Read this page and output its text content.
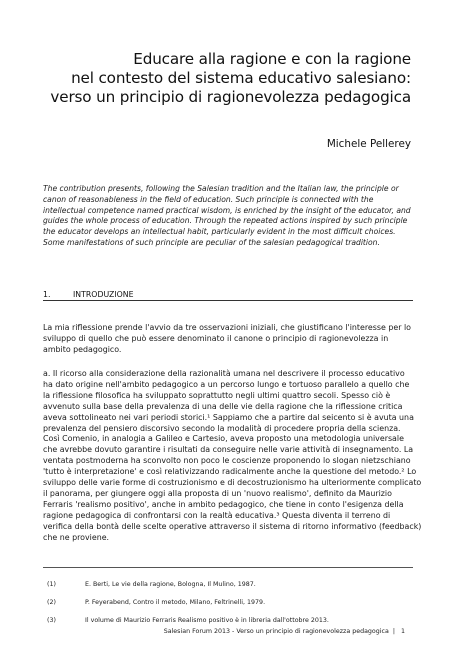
Educare alla ragione e con la ragione
nel contesto del sistema educativo salesiano:
verso un principio di ragionevolezza pedagogica
Michele Pellerey
The contribution presents, following the Salesian tradition and the Italian law, the principle or
canon of reasonableness in the field of education. Such principle is connected with the
intellectual competence named practical wisdom, is enriched by the insight of the educator, and
guides the whole process of education. Through the repeated actions inspired by such principle
the educator develops an intellectual habit, particularly evident in the most difficult choices.
Some manifestations of such principle are peculiar of the salesian pedagogical tradition.
1.	INTRODUZIONE
La mia riflessione prende l'avvio da tre osservazioni iniziali, che giustificano l'interesse per lo
sviluppo di quello che può essere denominato il canone o principio di ragionevolezza in
ambito pedagogico.
a. Il ricorso alla considerazione della razionalità umana nel descrivere il processo educativo
ha dato origine nell'ambito pedagogico a un percorso lungo e tortuoso parallelo a quello che
la riflessione filosofica ha sviluppato soprattutto negli ultimi quattro secoli. Spesso ciò è
avvenuto sulla base della prevalenza di una delle vie della ragione che la riflessione critica
aveva sottolineato nei vari periodi storici.¹ Sappiamo che a partire dal seicento si è avuta una
prevalenza del pensiero discorsivo secondo la modalità di procedere propria della scienza.
Così Comenio, in analogia a Galileo e Cartesio, aveva proposto una metodologia universale
che avrebbe dovuto garantire i risultati da conseguire nelle varie attività di insegnamento. La
ventata postmoderna ha sconvolto non poco le coscienze proponendo lo slogan nietzschiano
'tutto è interpretazione' e così relativizzando radicalmente anche la questione del metodo.² Lo
sviluppo delle varie forme di costruzionismo e di decostruzionismo ha ulteriormente complicato
il panorama, per giungere oggi alla proposta di un 'nuovo realismo', definito da Maurizio
Ferraris 'realismo positivo', anche in ambito pedagogico, che tiene in conto l'esigenza della
ragione pedagogica di confrontarsi con la realtà educativa.³ Questa diventa il terreno di
verifica della bontà delle scelte operative attraverso il sistema di ritorno informativo (feedback)
che ne proviene.
(1)	E. Berti, Le vie della ragione, Bologna, Il Mulino, 1987.
(2)	P. Feyerabend, Contro il metodo, Milano, Feltrinelli, 1979.
(3)	Il volume di Maurizio Ferraris Realismo positivo è in libreria dall'ottobre 2013.
Salesian Forum 2013 - Verso un principio di ragionevolezza pedagogica | 1
